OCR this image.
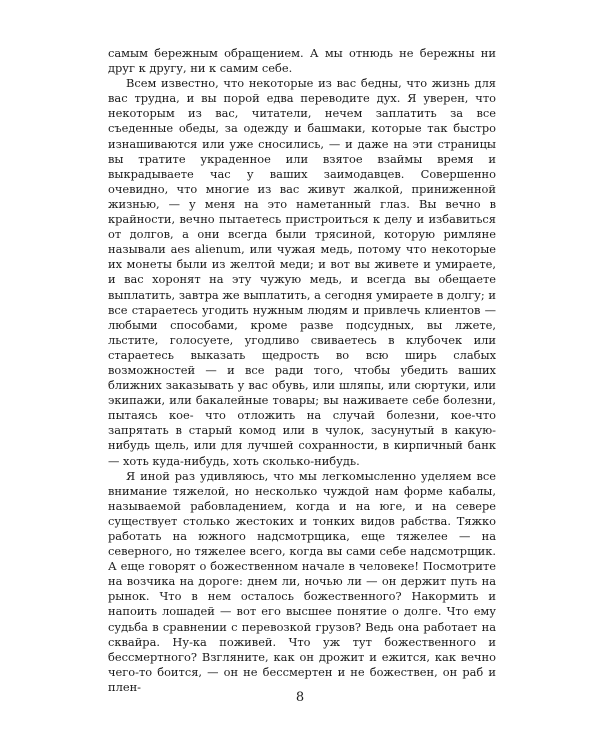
самым бережным обращением. А мы отнюдь не бережны ни друг к другу, ни к самим себе.

Всем известно, что некоторые из вас бедны, что жизнь для вас трудна, и вы порой едва переводите дух. Я уверен, что некоторым из вас, читатели, нечем заплатить за все съеденные обеды, за одежду и башмаки, которые так быстро изнашиваются или уже сносились, — и даже на эти страницы вы тратите украденное или взятое взаймы время и выкрадываете час у ваших заимодавцев. Совершенно очевидно, что многие из вас живут жалкой, приниженной жизнью, — у меня на это наметанный глаз. Вы вечно в крайности, вечно пытаетесь пристроиться к делу и избавиться от долгов, а они всегда были трясиной, которую римляне называли aes alienum, или чужая медь, потому что некоторые их монеты были из желтой меди; и вот вы живете и умираете, и вас хоронят на эту чужую медь, и всегда вы обещаете выплатить, завтра же выплатить, а сегодня умираете в долгу; и все стараетесь угодить нужным людям и привлечь клиентов — любыми способами, кроме разве подсудных, вы лжете, льстите, голосуете, угодливо свиваетесь в клубочек или стараетесь выказать щедрость во всю ширь слабых возможностей — и все ради того, чтобы убедить ваших ближних заказывать у вас обувь, или шляпы, или сюртуки, или экипажи, или бакалейные товары; вы наживаете себе болезни, пытаясь кое- что отложить на случай болезни, кое-что запрятать в старый комод или в чулок, засунутый в какую-нибудь щель, или для лучшей сохранности, в кирпичный банк — хоть куда-нибудь, хоть сколько-нибудь.

Я иной раз удивляюсь, что мы легкомысленно уделяем все внимание тяжелой, но несколько чуждой нам форме кабалы, называемой рабовладением, когда и на юге, и на севере существует столько жестоких и тонких видов рабства. Тяжко работать на южного надсмотрщика, еще тяжелее — на северного, но тяжелее всего, когда вы сами себе надсмотрщик. А еще говорят о божественном начале в человеке! Посмотрите на возчика на дороге: днем ли, ночью ли — он держит путь на рынок. Что в нем осталось божественного? Накормить и напоить лошадей — вот его высшее понятие о долге. Что ему судьба в сравнении с перевозкой грузов? Ведь она работает на сквайра. Ну-ка поживей. Что уж тут божественного и бессмертного? Взгляните, как он дрожит и ежится, как вечно чего-то боится, — он не бессмертен и не божествен, он раб и плен-

8
